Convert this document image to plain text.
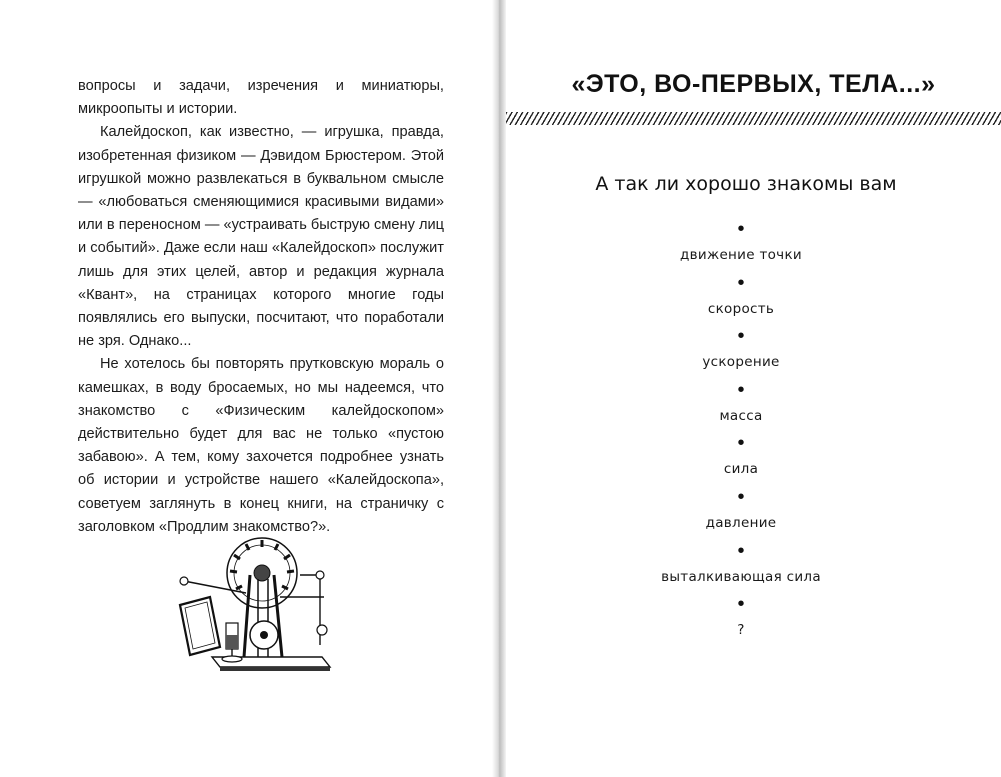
вопросы и задачи, изречения и миниатюры, микроопыты и истории.

Калейдоскоп, как известно, — игрушка, правда, изобретенная физиком — Дэвидом Брюстером. Этой игрушкой можно развлекаться в буквальном смысле — «любоваться сменяющимися красивыми видами» или в переносном — «устраивать быструю смену лиц и событий». Даже если наш «Калейдоскоп» послужит лишь для этих целей, автор и редакция журнала «Квант», на страницах которого многие годы появлялись его выпуски, посчитают, что поработали не зря. Однако...

Не хотелось бы повторять прутковскую мораль о камешках, в воду бросаемых, но мы надеемся, что знакомство с «Физическим калейдоскопом» действительно будет для вас не только «пустою забавою». А тем, кому захочется подробнее узнать об истории и устройстве нашего «Калейдоскопа», советуем заглянуть в конец книги, на страничку с заголовком «Продлим знакомство?».

«ЭТО, ВО-ПЕРВЫХ, ТЕЛА...»
А так ли хорошо знакомы вам
•
движение точки
•
скорость
•
ускорение
•
масса
•
сила
•
давление
•
выталкивающая сила
•
?
